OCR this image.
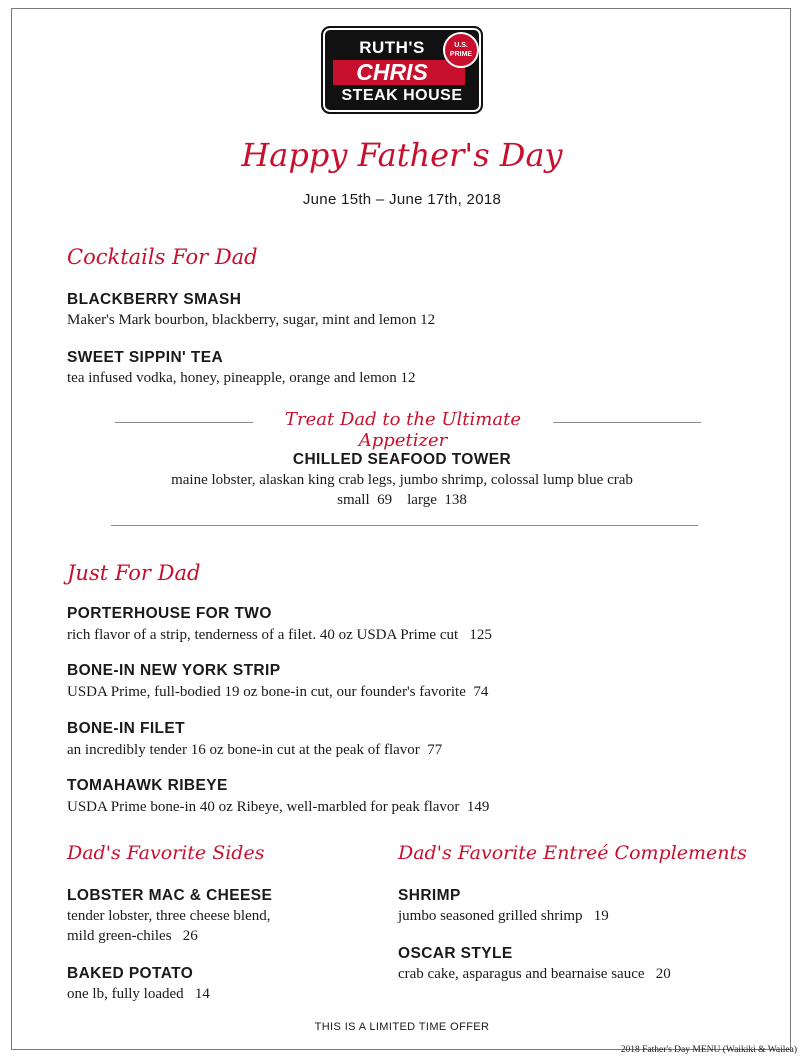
RUTH'S
CHRIS
U.S. PRIME
STEAK HOUSE
Happy Father's Day
June 15th – June 17th, 2018
Cocktails For Dad
BLACKBERRY SMASH
Maker's Mark bourbon, blackberry, sugar, mint and lemon 12
SWEET SIPPIN' TEA
tea infused vodka, honey, pineapple, orange and lemon 12
Treat Dad to the Ultimate Appetizer
CHILLED SEAFOOD TOWER
maine lobster, alaskan king crab legs, jumbo shrimp, colossal lump blue crab
small  69    large  138
Just For Dad
PORTERHOUSE FOR TWO
rich flavor of a strip, tenderness of a filet. 40 oz USDA Prime cut   125
BONE-IN NEW YORK STRIP
USDA Prime, full-bodied 19 oz bone-in cut, our founder's favorite  74
BONE-IN FILET
an incredibly tender 16 oz bone-in cut at the peak of flavor  77
TOMAHAWK RIBEYE
USDA Prime bone-in 40 oz Ribeye, well-marbled for peak flavor  149
Dad's Favorite Sides
LOBSTER MAC & CHEESE
tender lobster, three cheese blend,
mild green-chiles   26
BAKED POTATO
one lb, fully loaded   14
Dad's Favorite Entreé Complements
SHRIMP
jumbo seasoned grilled shrimp   19
OSCAR STYLE
crab cake, asparagus and bearnaise sauce   20
THIS IS A LIMITED TIME OFFER
2018 Father's Day MENU (Waikiki & Wailea)
